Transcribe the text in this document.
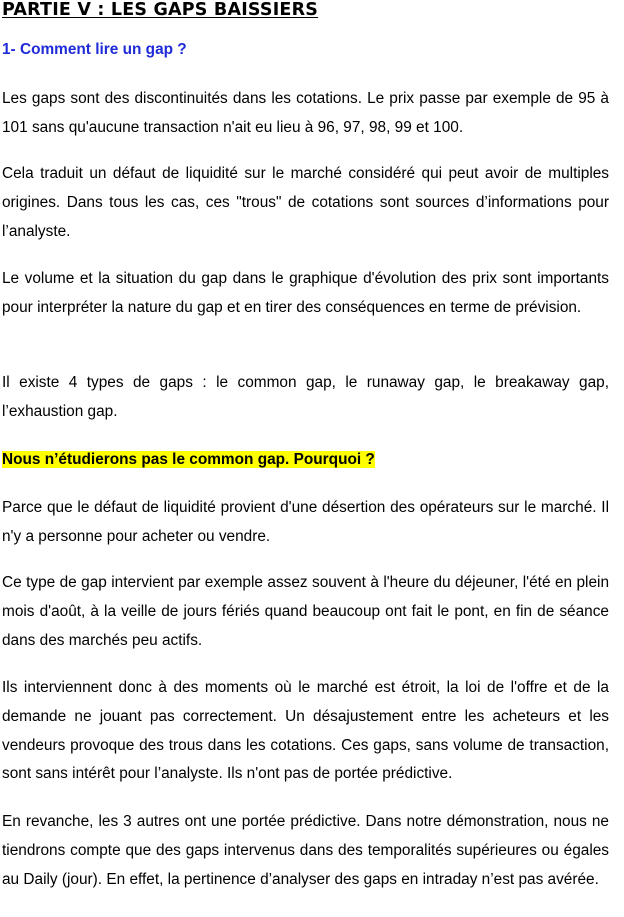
PARTIE V : LES GAPS BAISSIERS
1- Comment lire un gap ?

Les gaps sont des discontinuités dans les cotations. Le prix passe par exemple de 95 à 101 sans qu'aucune transaction n'ait eu lieu à 96, 97, 98, 99 et 100.

Cela traduit un défaut de liquidité sur le marché considéré qui peut avoir de multiples origines. Dans tous les cas, ces "trous" de cotations sont sources d’informations pour l’analyste.

Le volume et la situation du gap dans le graphique d'évolution des prix sont importants pour interpréter la nature du gap et en tirer des conséquences en terme de prévision.

Il existe 4 types de gaps : le common gap, le runaway gap, le breakaway gap, l’exhaustion gap.

Nous n’étudierons pas le common gap. Pourquoi ?

Parce que le défaut de liquidité provient d'une désertion des opérateurs sur le marché. Il n'y a personne pour acheter ou vendre.

Ce type de gap intervient par exemple assez souvent à l'heure du déjeuner, l'été en plein mois d'août, à la veille de jours fériés quand beaucoup ont fait le pont, en fin de séance dans des marchés peu actifs.

Ils interviennent donc à des moments où le marché est étroit, la loi de l'offre et de la demande ne jouant pas correctement. Un désajustement entre les acheteurs et les vendeurs provoque des trous dans les cotations. Ces gaps, sans volume de transaction, sont sans intérêt pour l’analyste. Ils n'ont pas de portée prédictive.

En revanche, les 3 autres ont une portée prédictive. Dans notre démonstration, nous ne tiendrons compte que des gaps intervenus dans des temporalités supérieures ou égales au Daily (jour). En effet, la pertinence d’analyser des gaps en intraday n’est pas avérée.
